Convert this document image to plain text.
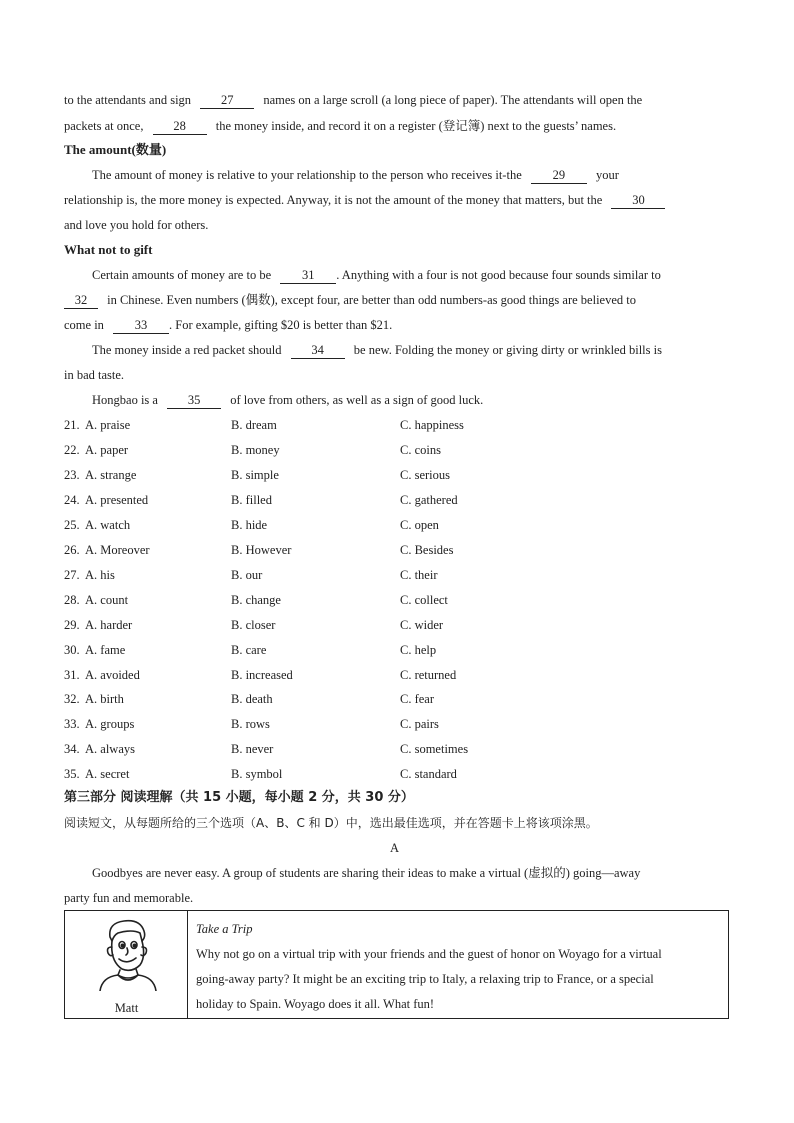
to the attendants and sign 27 names on a large scroll (a long piece of paper). The attendants will open the
packets at once, 28 the money inside, and record it on a register (登记簿) next to the guests’ names.
The amount(数量)
The amount of money is relative to your relationship to the person who receives it-the 29 your
relationship is, the more money is expected. Anyway, it is not the amount of the money that matters, but the 30
and love you hold for others.
What not to gift
Certain amounts of money are to be 31 . Anything with a four is not good because four sounds similar to
32 in Chinese. Even numbers (偶数), except four, are better than odd numbers-as good things are believed to
come in 33 . For example, gifting $20 is better than $21.
The money inside a red packet should 34 be new. Folding the money or giving dirty or wrinkled bills is
in bad taste.
Hongbao is a 35 of love from others, as well as a sign of good luck.
21. A. praise	B. dream	C. happiness
22. A. paper	B. money	C. coins
23. A. strange	B. simple	C. serious
24. A. presented	B. filled	C. gathered
25. A. watch	B. hide	C. open
26. A. Moreover	B. However	C. Besides
27. A. his	B. our	C. their
28. A. count	B. change	C. collect
29. A. harder	B. closer	C. wider
30. A. fame	B. care	C. help
31. A. avoided	B. increased	C. returned
32. A. birth	B. death	C. fear
33. A. groups	B. rows	C. pairs
34. A. always	B. never	C. sometimes
35. A. secret	B. symbol	C. standard
第三部分 阅读理解（共 15 小题，每小题 2 分，共 30 分）
阅读短文，从每题所给的三个选项（A、B、C 和 D）中，选出最佳选项，并在答题卡上将该项涂黑。
A
Goodbyes are never easy. A group of students are sharing their ideas to make a virtual (虚拟的) going—away
party fun and memorable.
Matt
Take a Trip
Why not go on a virtual trip with your friends and the guest of honor on Woyago for a virtual
going-away party? It might be an exciting trip to Italy, a relaxing trip to France, or a special
holiday to Spain. Woyago does it all. What fun!
